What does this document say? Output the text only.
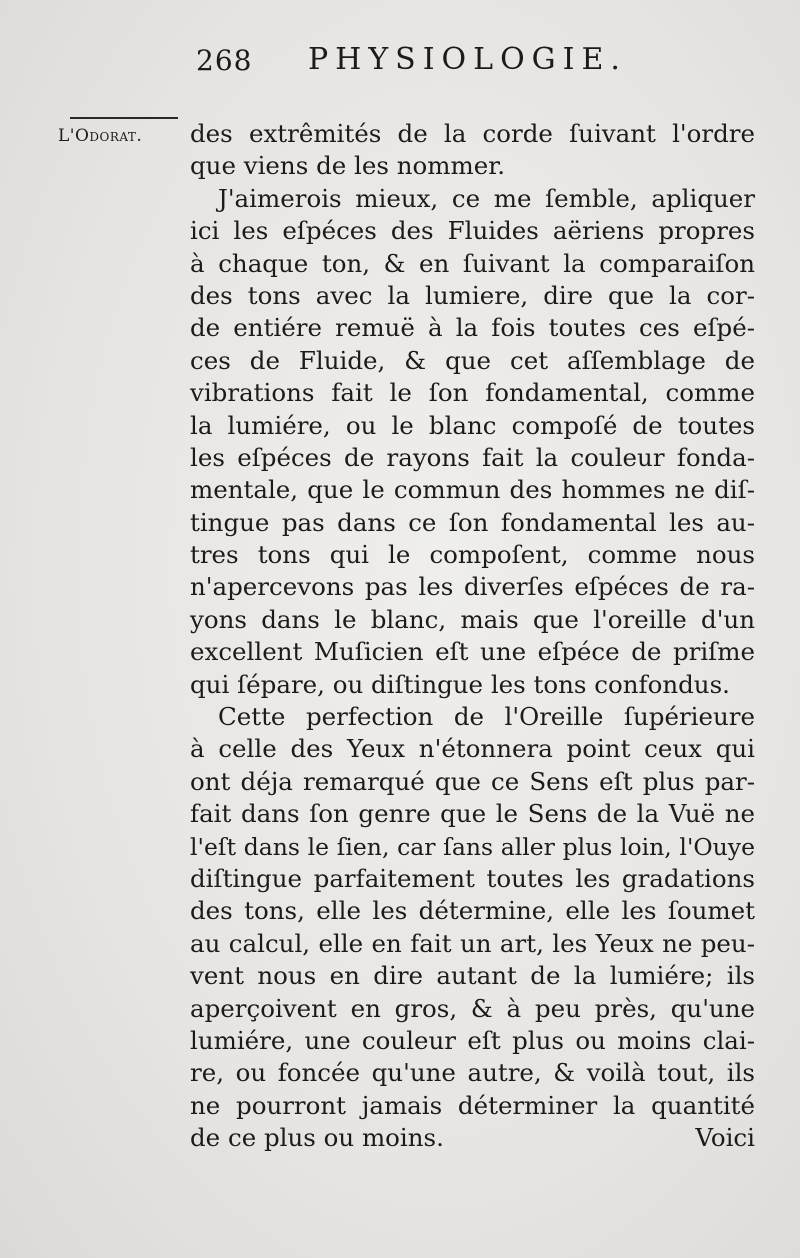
268 PHYSIOLOGIE.
L'Odorat. des extrêmités de la corde ſuivant l'ordre
que viens de les nommer.
J'aimerois mieux, ce me ſemble, apliquer
ici les eſpéces des Fluides aëriens propres
à chaque ton, & en ſuivant la comparaiſon
des tons avec la lumiere, dire que la cor-
de entiére remuë à la fois toutes ces eſpé-
ces de Fluide, & que cet aſſemblage de
vibrations fait le ſon fondamental, comme
la lumiére, ou le blanc compoſé de toutes
les eſpéces de rayons fait la couleur fonda-
mentale, que le commun des hommes ne diſ-
tingue pas dans ce ſon fondamental les au-
tres tons qui le compoſent, comme nous
n'apercevons pas les diverſes eſpéces de ra-
yons dans le blanc, mais que l'oreille d'un
excellent Muſicien eſt une eſpéce de priſme
qui ſépare, ou diſtingue les tons confondus.
Cette perfection de l'Oreille ſupérieure
à celle des Yeux n'étonnera point ceux qui
ont déja remarqué que ce Sens eſt plus par-
fait dans ſon genre que le Sens de la Vuë ne
l'eſt dans le ſien, car ſans aller plus loin, l'Ouye
diſtingue parfaitement toutes les gradations
des tons, elle les détermine, elle les ſoumet
au calcul, elle en fait un art, les Yeux ne peu-
vent nous en dire autant de la lumiére; ils
aperçoivent en gros, & à peu près, qu'une
lumiére, une couleur eſt plus ou moins clai-
re, ou foncée qu'une autre, & voilà tout, ils
ne pourront jamais déterminer la quantité
de ce plus ou moins.	Voici
